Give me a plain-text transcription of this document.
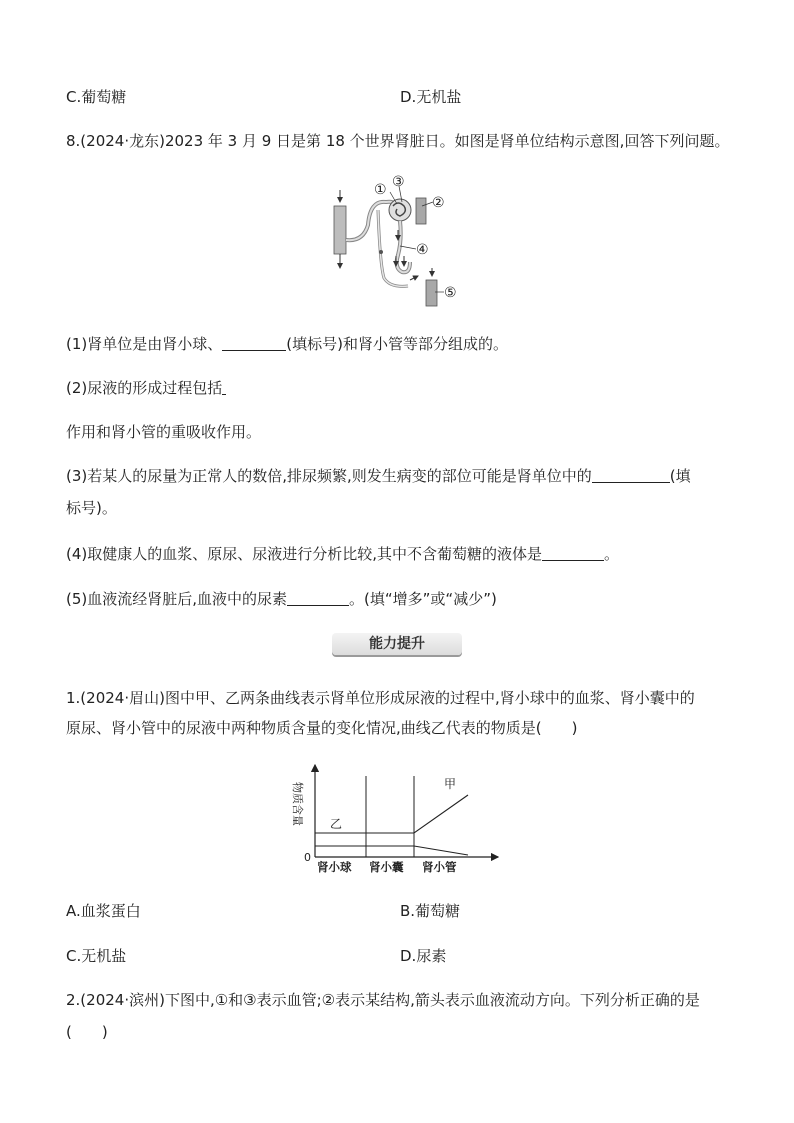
C.葡萄糖	D.无机盐
8.(2024·龙东)2023 年 3 月 9 日是第 18 个世界肾脏日。如图是肾单位结构示意图,回答下列问题。
① ③
②
④
⑤
(1)肾单位是由肾小球、	(填标号)和肾小管等部分组成的。
(2)尿液的形成过程包括
作用和肾小管的重吸收作用。
(3)若某人的尿量为正常人的数倍,排尿频繁,则发生病变的部位可能是肾单位中的	(填
标号)。
(4)取健康人的血浆、原尿、尿液进行分析比较,其中不含葡萄糖的液体是	。
(5)血液流经肾脏后,血液中的尿素	。(填“增多”或“减少”)
能力提升
1.(2024·眉山)图中甲、乙两条曲线表示肾单位形成尿液的过程中,肾小球中的血浆、肾小囊中的
原尿、肾小管中的尿液中两种物质含量的变化情况,曲线乙代表的物质是(　　)
物质含量
0
甲
乙
肾小球 肾小囊 肾小管
A.血浆蛋白	B.葡萄糖
C.无机盐	D.尿素
2.(2024·滨州)下图中,①和③表示血管;②表示某结构,箭头表示血液流动方向。下列分析正确的是
(　　)
